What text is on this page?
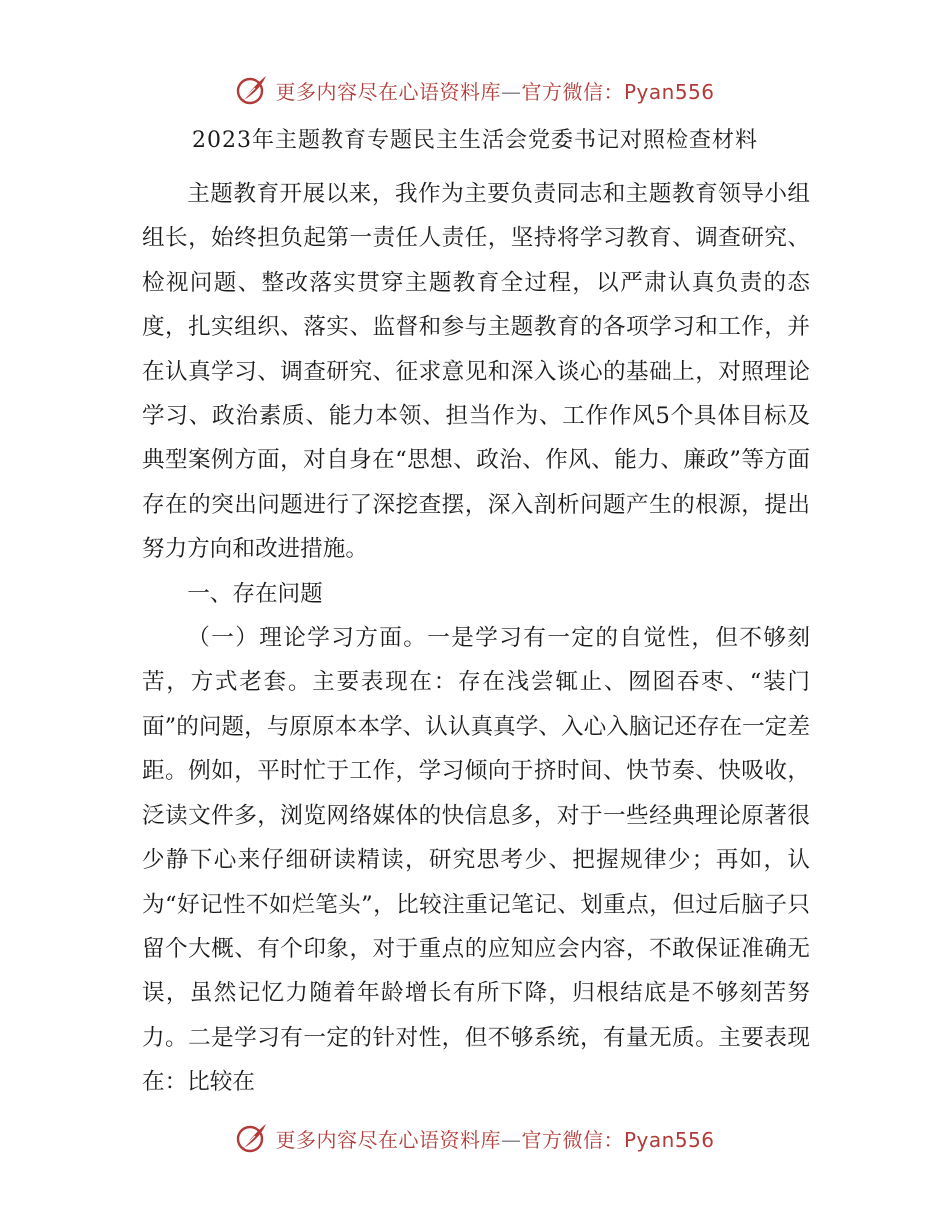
更多内容尽在心语资料库—官方微信：Pyan556
2023年主题教育专题民主生活会党委书记对照检查材料

主题教育开展以来，我作为主要负责同志和主题教育领导小组组长，始终担负起第一责任人责任，坚持将学习教育、调查研究、检视问题、整改落实贯穿主题教育全过程，以严肃认真负责的态度，扎实组织、落实、监督和参与主题教育的各项学习和工作，并在认真学习、调查研究、征求意见和深入谈心的基础上，对照理论学习、政治素质、能力本领、担当作为、工作作风5个具体目标及典型案例方面，对自身在“思想、政治、作风、能力、廉政”等方面存在的突出问题进行了深挖查摆，深入剖析问题产生的根源，提出努力方向和改进措施。

一、存在问题

（一）理论学习方面。一是学习有一定的自觉性，但不够刻苦，方式老套。主要表现在：存在浅尝辄止、囫囵吞枣、“装门面”的问题，与原原本本学、认认真真学、入心入脑记还存在一定差距。例如，平时忙于工作，学习倾向于挤时间、快节奏、快吸收，泛读文件多，浏览网络媒体的快信息多，对于一些经典理论原著很少静下心来仔细研读精读，研究思考少、把握规律少；再如，认为“好记性不如烂笔头”，比较注重记笔记、划重点，但过后脑子只留个大概、有个印象，对于重点的应知应会内容，不敢保证准确无误，虽然记忆力随着年龄增长有所下降，归根结底是不够刻苦努力。二是学习有一定的针对性，但不够系统，有量无质。主要表现在：比较在

更多内容尽在心语资料库—官方微信：Pyan556
